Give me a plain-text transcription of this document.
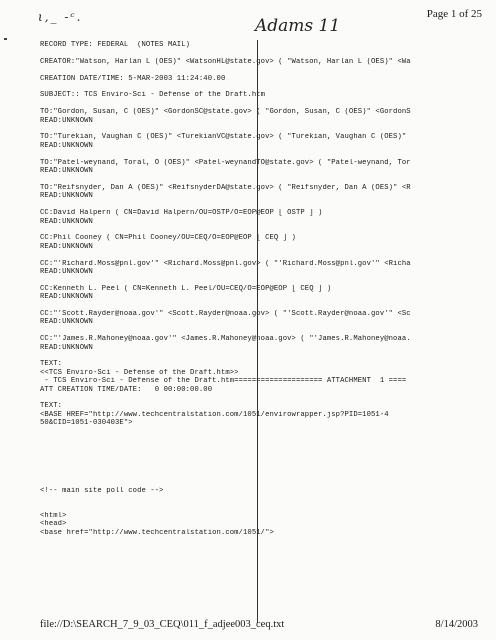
ι,_ -ᶜ.	Adams 11
Page 1 of 25
RECORD TYPE: FEDERAL  (NOTES MAIL)

CREATOR:"Watson, Harlan L (OES)" <WatsonHL@state.gov> ( "Watson, Harlan L (OES)" <Wa

CREATION DATE/TIME: 5-MAR-2003 11:24:40.00

SUBJECT:: TCS Enviro-Sci - Defense of the Draft.htm

TO:"Gordon, Susan, C (OES)" <GordonSC@state.gov> ( "Gordon, Susan, C (OES)" <GordonS
READ:UNKNOWN

TO:"Turekian, Vaughan C (OES)" <TurekianVC@state.gov> ( "Turekian, Vaughan C (OES)"
READ:UNKNOWN

TO:"Patel-weynand, Toral, O (OES)" <Patel-weynandTO@state.gov> ( "Patel-weynand, Tor
READ:UNKNOWN

TO:"Reifsnyder, Dan A (OES)" <ReifsnyderDA@state.gov> ( "Reifsnyder, Dan A (OES)" <R
READ:UNKNOWN

CC:David Halpern ( CN=David Halpern/OU=OSTP/O=EOP@EOP [ OSTP ] )
READ:UNKNOWN

CC:Phil Cooney ( CN=Phil Cooney/OU=CEQ/O=EOP@EOP [ CEQ ] )
READ:UNKNOWN

CC:"'Richard.Moss@pnl.gov'" <Richard.Moss@pnl.gov> ( "'Richard.Moss@pnl.gov'" <Richa
READ:UNKNOWN

CC:Kenneth L. Peel ( CN=Kenneth L. Peel/OU=CEQ/O=EOP@EOP [ CEQ ] )
READ:UNKNOWN

CC:"'Scott.Rayder@noaa.gov'" <Scott.Rayder@noaa.gov> ( "'Scott.Rayder@noaa.gov'" <Sc
READ:UNKNOWN

CC:"'James.R.Mahoney@noaa.gov'" <James.R.Mahoney@noaa.gov> ( "'James.R.Mahoney@noaa.
READ:UNKNOWN

TEXT:
<<TCS Enviro-Sci - Defense of the Draft.htm>>
- TCS Enviro-Sci - Defense of the Draft.htm==================== ATTACHMENT  1 ====
ATT CREATION TIME/DATE:   0 00:00:00.00

TEXT:
<BASE HREF="http://www.techcentralstation.com/1051/envirowrapper.jsp?PID=1051-4
50&CID=1051-030403E">

<!-- main site poll code -->

<html>
<head>
<base href="http://www.techcentralstation.com/1051/">
file://D:\SEARCH_7_9_03_CEQ\011_f_adjee003_ceq.txt	8/14/2003
